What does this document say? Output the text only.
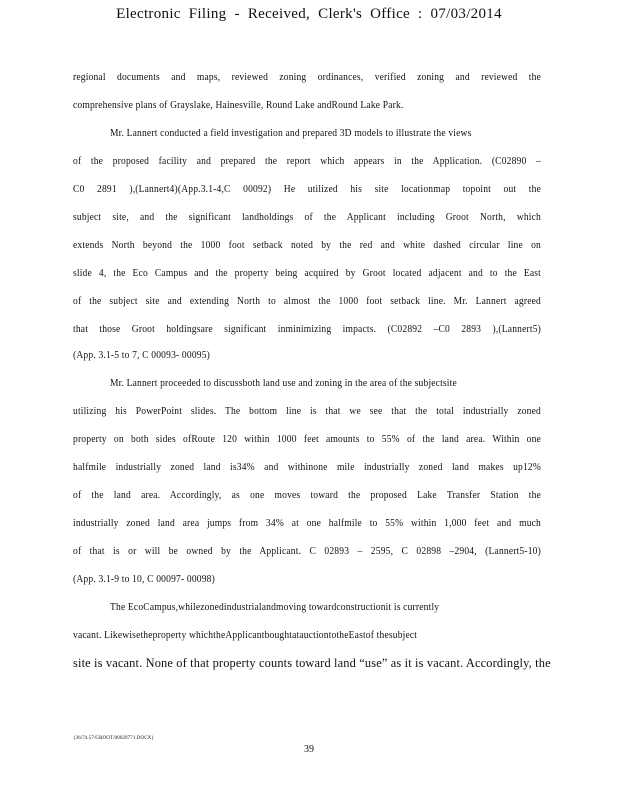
Electronic Filing - Received, Clerk's Office : 07/03/2014
regional documents and maps, reviewed zoning ordinances, verified zoning and reviewed the
comprehensive plans of Grayslake, Hainesville, Round Lake andRound Lake Park.
Mr. Lannert conducted a field investigation and prepared 3D models to illustrate the views
of the proposed facility and prepared the report which appears in the Application. (C02890 –
C0 2891 ),(Lannert4)(App.3.1-4,C 00092) He utilized his site locationmap topoint out the
subject site, and the significant landholdings of the Applicant including Groot North, which
extends North beyond the 1000 foot setback noted by the red and white dashed circular line on
slide 4, the Eco Campus and the property being acquired by Groot located adjacent and to the East
of the subject site and extending North to almost the 1000 foot setback line. Mr. Lannert agreed
that those Groot holdingsare significant inminimizing impacts. (C02892 –C0 2893 ),(Lannert5)
(App. 3.1-5 to 7, C 00093- 00095)
Mr. Lannert proceeded to discussboth land use and zoning in the area of the subjectsite
utilizing his PowerPoint slides. The bottom line is that we see that the total industrially zoned
property on both sides ofRoute 120 within 1000 feet amounts to 55% of the land area. Within one
halfmile industrially zoned land is34% and withinone mile industrially zoned land makes up12%
of the land area. Accordingly, as one moves toward the proposed Lake Transfer Station the
industrially zoned land area jumps from 34% at one halfmile to 55% within 1,000 feet and much
of that is or will be owned by the Applicant. C 02893 – 2595, C 02898 –2904, (Lannert5-10)
(App. 3.1-9 to 10, C 00097- 00098)
The EcoCampus,whilezonedindustrialandmoving towardconstructionit is currently
vacant. Likewisetheproperty whichtheApplicantboughtatauctiontotheEastof thesubject
site is vacant. None of that property counts toward land “use” as it is vacant. Accordingly, the
{36/74.57/GROOT/00029771.DOCX}
39
